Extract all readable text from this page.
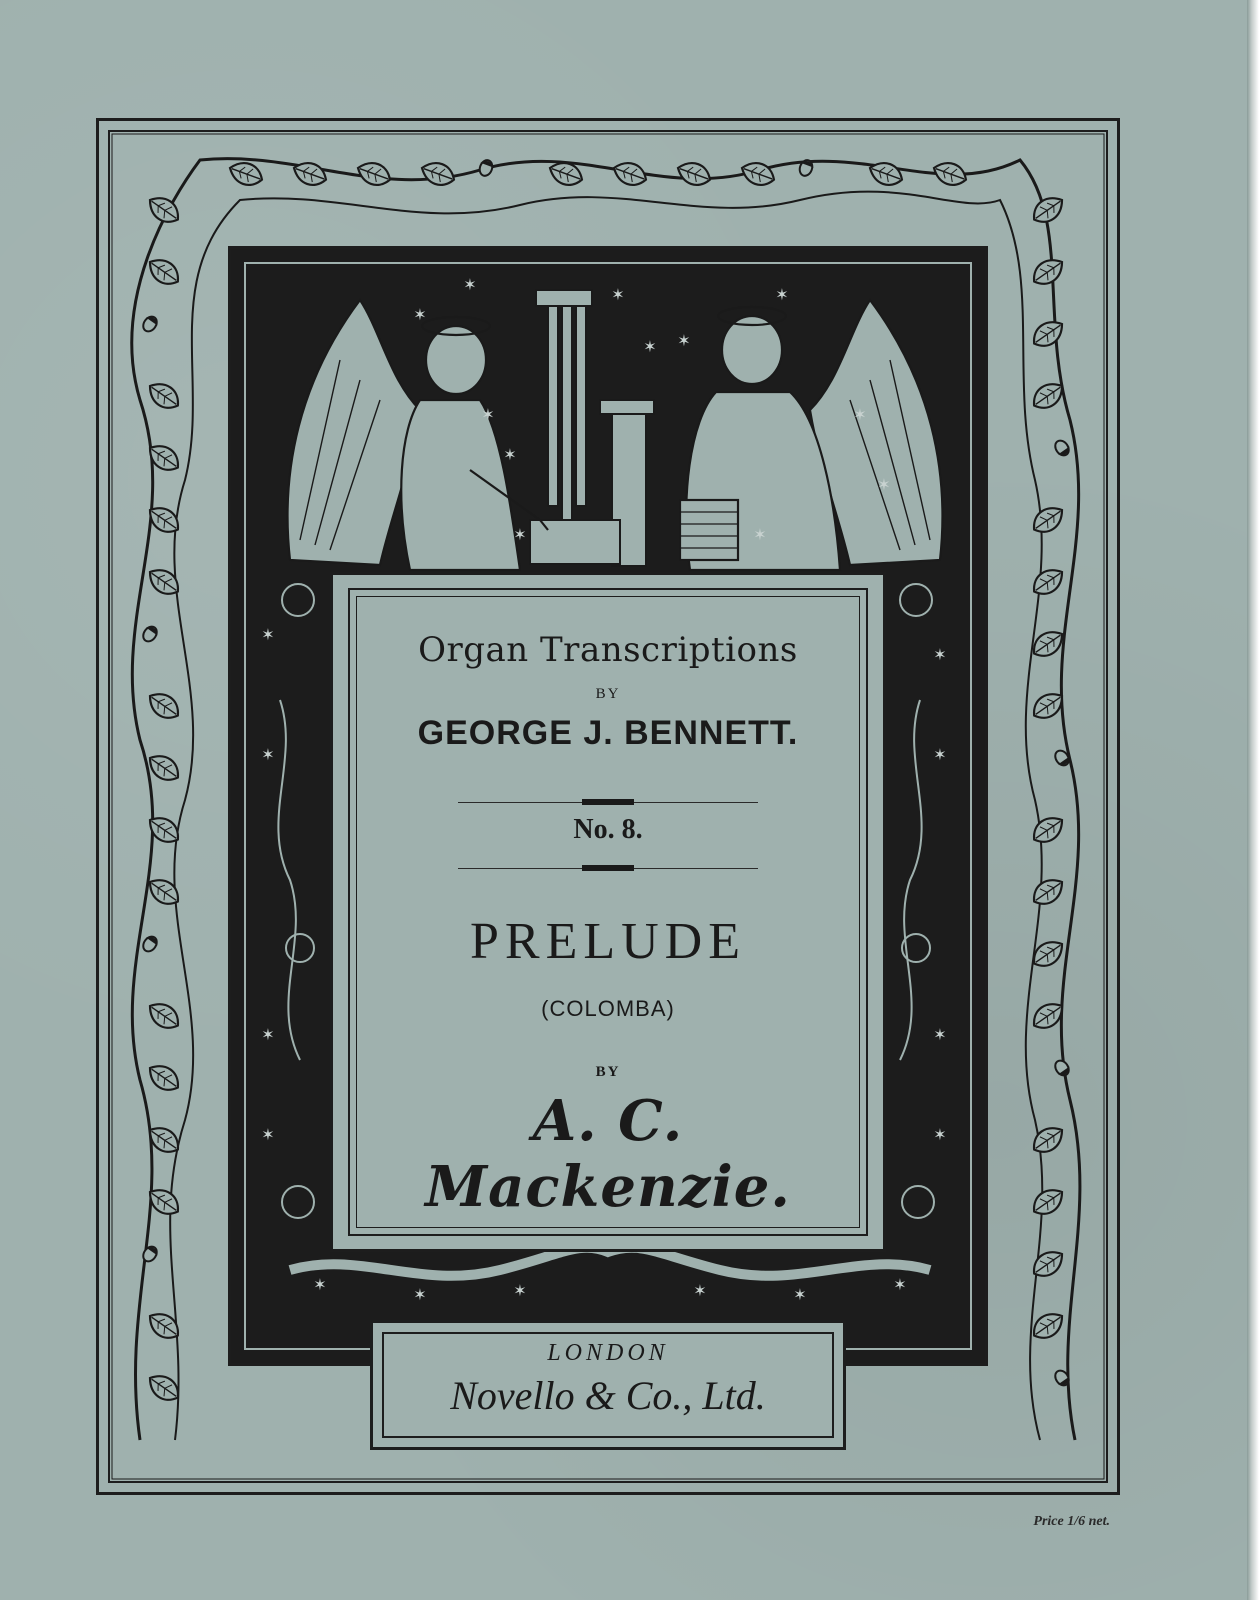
✶
✶
✶
✶
✶
✶ ✶
✶
✶
✶
✶
✶
✶
✶
✶
✶
✶
✶
✶
✶
✶
✶	✶	✶	✶
✶
Organ Transcriptions
BY
GEORGE J. BENNETT.
No. 8.
PRELUDE
(COLOMBA)
BY
A. C. Mackenzie.
LONDON
Novello & Co., Ltd.
Price 1/6 net.
